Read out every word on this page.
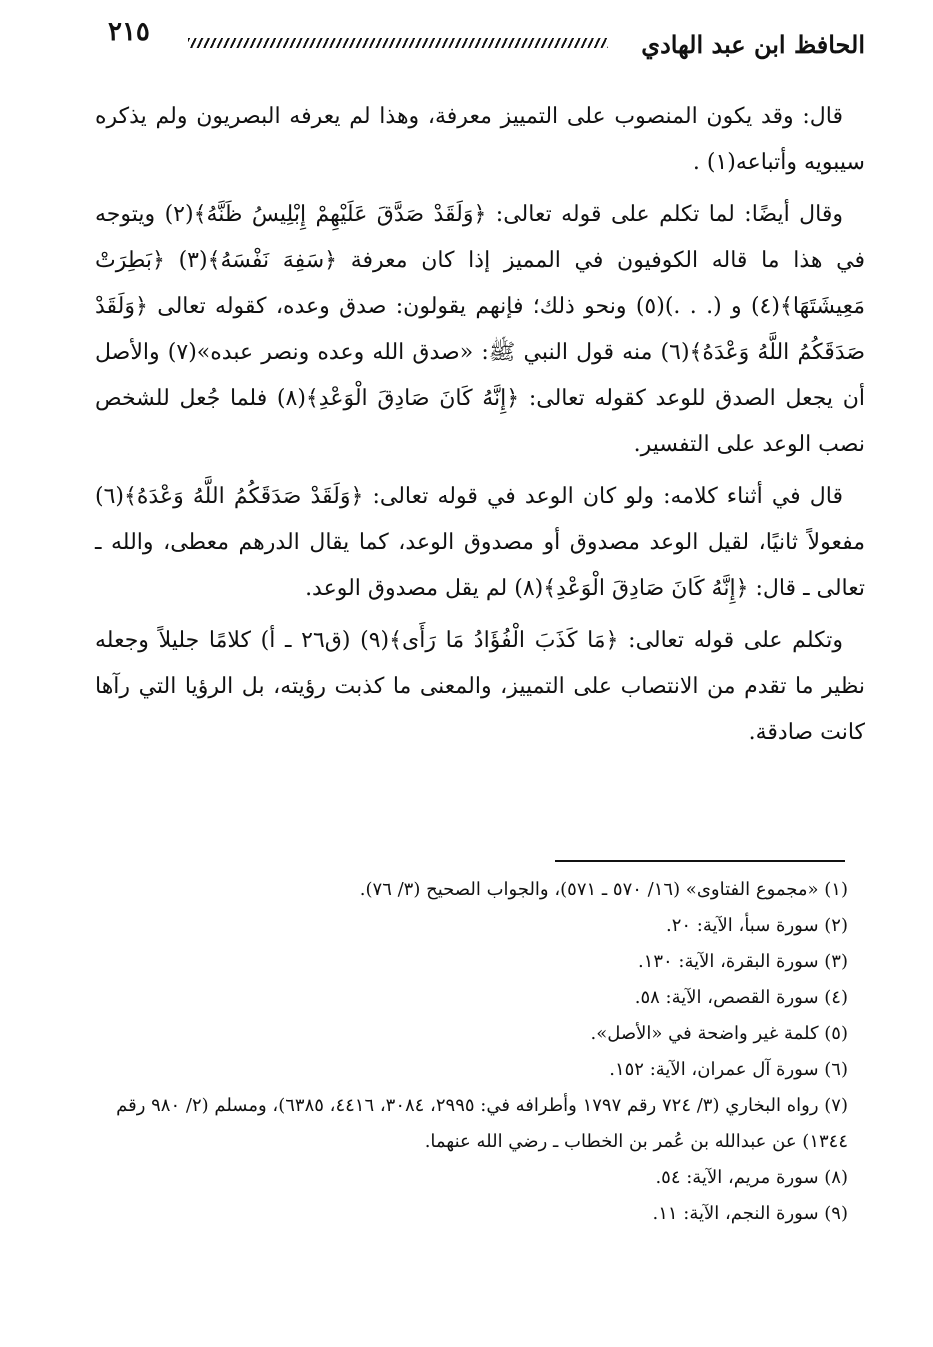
الحافظ ابن عبد الهادي
٢١٥

قال: وقد يكون المنصوب على التمييز معرفة، وهذا لم يعرفه البصريون ولم يذكره سيبويه وأتباعه(١) .

وقال أيضًا: لما تكلم على قوله تعالى: ﴿وَلَقَدْ صَدَّقَ عَلَيْهِمْ إِبْلِيسُ ظَنَّهُ﴾(٢) ويتوجه في هذا ما قاله الكوفيون في المميز إذا كان معرفة ﴿سَفِهَ نَفْسَهُ﴾(٣) ﴿بَطِرَتْ مَعِيشَتَهَا﴾(٤) و (. . .)(٥) ونحو ذلك؛ فإنهم يقولون: صدق وعده، كقوله تعالى ﴿وَلَقَدْ صَدَقَكُمُ اللَّهُ وَعْدَهُ﴾(٦) منه قول النبي ﷺ: «صدق الله وعده ونصر عبده»(٧) والأصل أن يجعل الصدق للوعد كقوله تعالى: ﴿إِنَّهُ كَانَ صَادِقَ الْوَعْدِ﴾(٨) فلما جُعل للشخص نصب الوعد على التفسير.

قال في أثناء كلامه: ولو كان الوعد في قوله تعالى: ﴿وَلَقَدْ صَدَقَكُمُ اللَّهُ وَعْدَهُ﴾(٦) مفعولاً ثانيًا، لقيل الوعد مصدوق أو مصدوق الوعد، كما يقال الدرهم معطى، والله ـ تعالى ـ قال: ﴿إِنَّهُ كَانَ صَادِقَ الْوَعْدِ﴾(٨) لم يقل مصدوق الوعد.

وتكلم على قوله تعالى: ﴿مَا كَذَبَ الْفُؤَادُ مَا رَأَى﴾(٩) (ق٢٦ ـ أ) كلامًا جليلاً وجعله نظير ما تقدم من الانتصاب على التمييز، والمعنى ما كذبت رؤيته، بل الرؤيا التي رآها كانت صادقة.

(١) «مجموع الفتاوى» (١٦/ ٥٧٠ ـ ٥٧١)، والجواب الصحيح (٣/ ٧٦).

(٢) سورة سبأ، الآية: ٢٠.

(٣) سورة البقرة، الآية: ١٣٠.

(٤) سورة القصص، الآية: ٥٨.

(٥) كلمة غير واضحة في «الأصل».

(٦) سورة آل عمران، الآية: ١٥٢.

(٧) رواه البخاري (٣/ ٧٢٤ رقم ١٧٩٧ وأطرافه في: ٢٩٩٥، ٣٠٨٤، ٤٤١٦، ٦٣٨٥)، ومسلم (٢/ ٩٨٠ رقم ١٣٤٤) عن عبدالله بن عُمر بن الخطاب ـ رضي الله عنهما.

(٨) سورة مريم، الآية: ٥٤.

(٩) سورة النجم، الآية: ١١.
